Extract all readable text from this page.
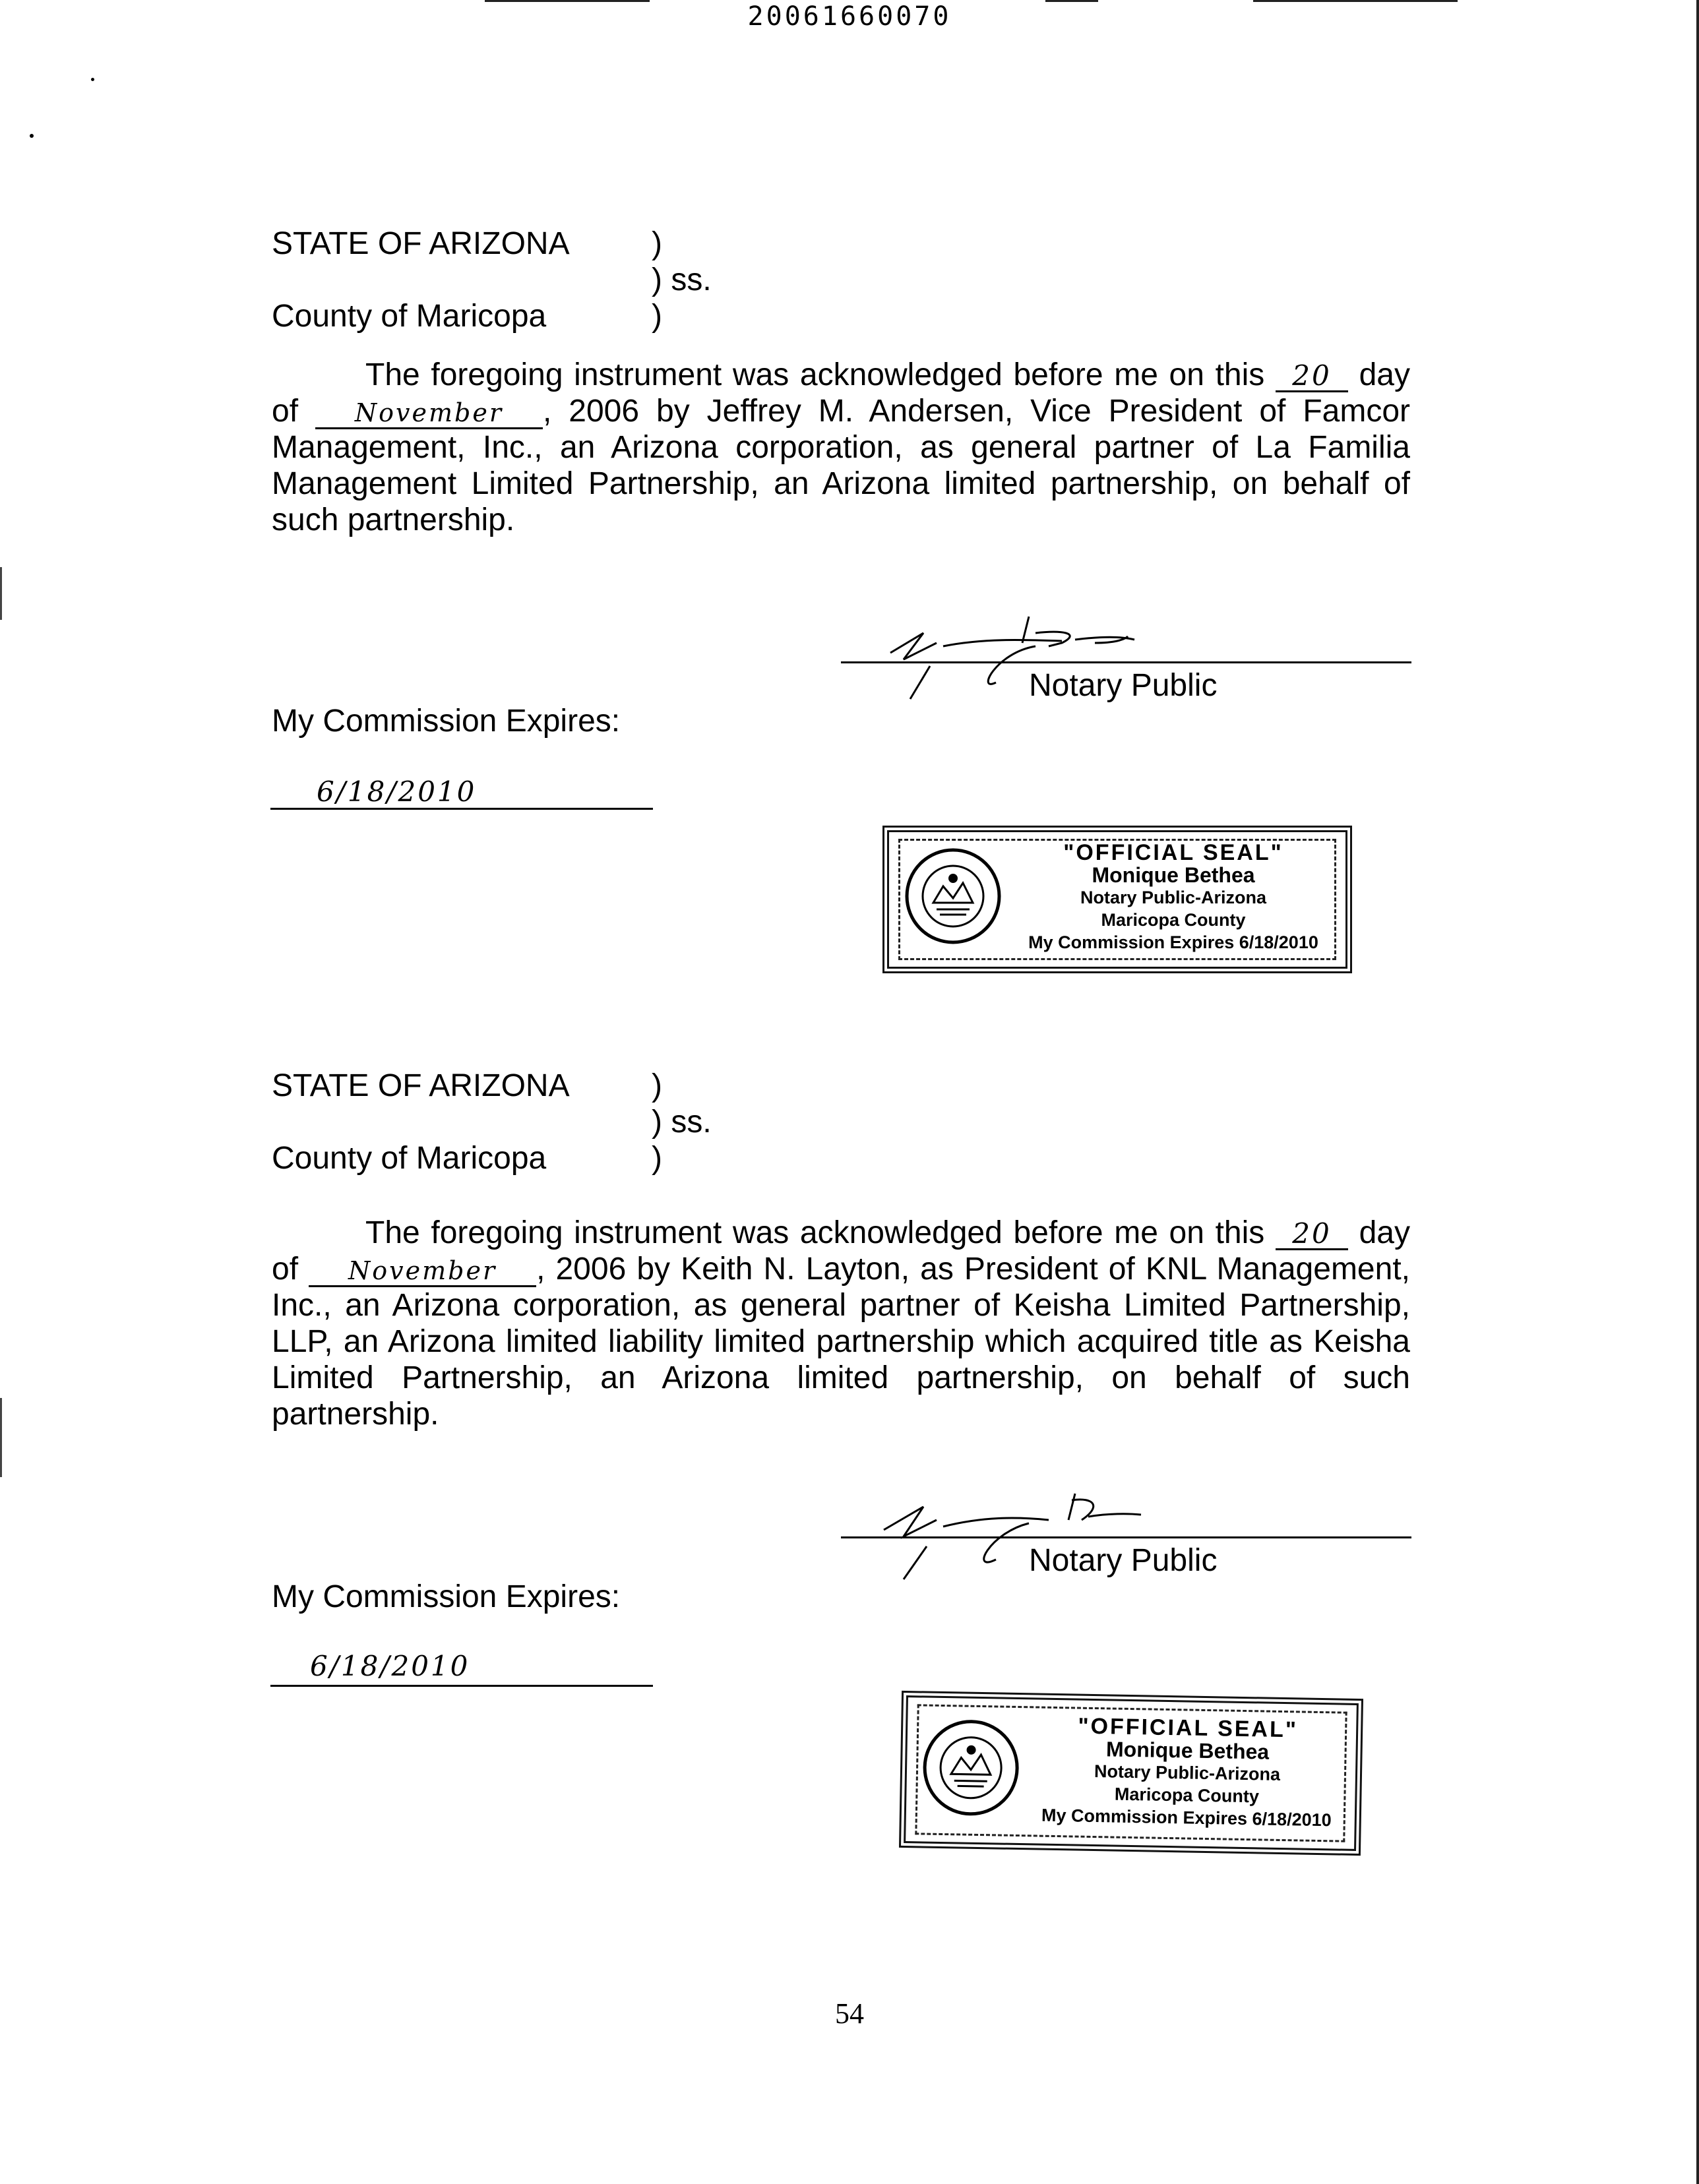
20061660070
STATE OF ARIZONA	)
) ss.
County of Maricopa	)

The foregoing instrument was acknowledged before me on this 20 day of November , 2006 by Jeffrey M. Andersen, Vice President of Famcor Management, Inc., an Arizona corporation, as general partner of La Familia Management Limited Partnership, an Arizona limited partnership, on behalf of such partnership.

Notary Public
My Commission Expires:
6/18/2010
"OFFICIAL SEAL"
Monique Bethea
Notary Public-Arizona
Maricopa County
My Commission Expires 6/18/2010
STATE OF ARIZONA	)
) ss.
County of Maricopa	)

The foregoing instrument was acknowledged before me on this 20 day of November , 2006 by Keith N. Layton, as President of KNL Management, Inc., an Arizona corporation, as general partner of Keisha Limited Partnership, LLP, an Arizona limited liability limited partnership which acquired title as Keisha Limited Partnership, an Arizona limited partnership, on behalf of such partnership.

Notary Public
My Commission Expires:
6/18/2010
"OFFICIAL SEAL"
Monique Bethea
Notary Public-Arizona
Maricopa County
My Commission Expires 6/18/2010
54
